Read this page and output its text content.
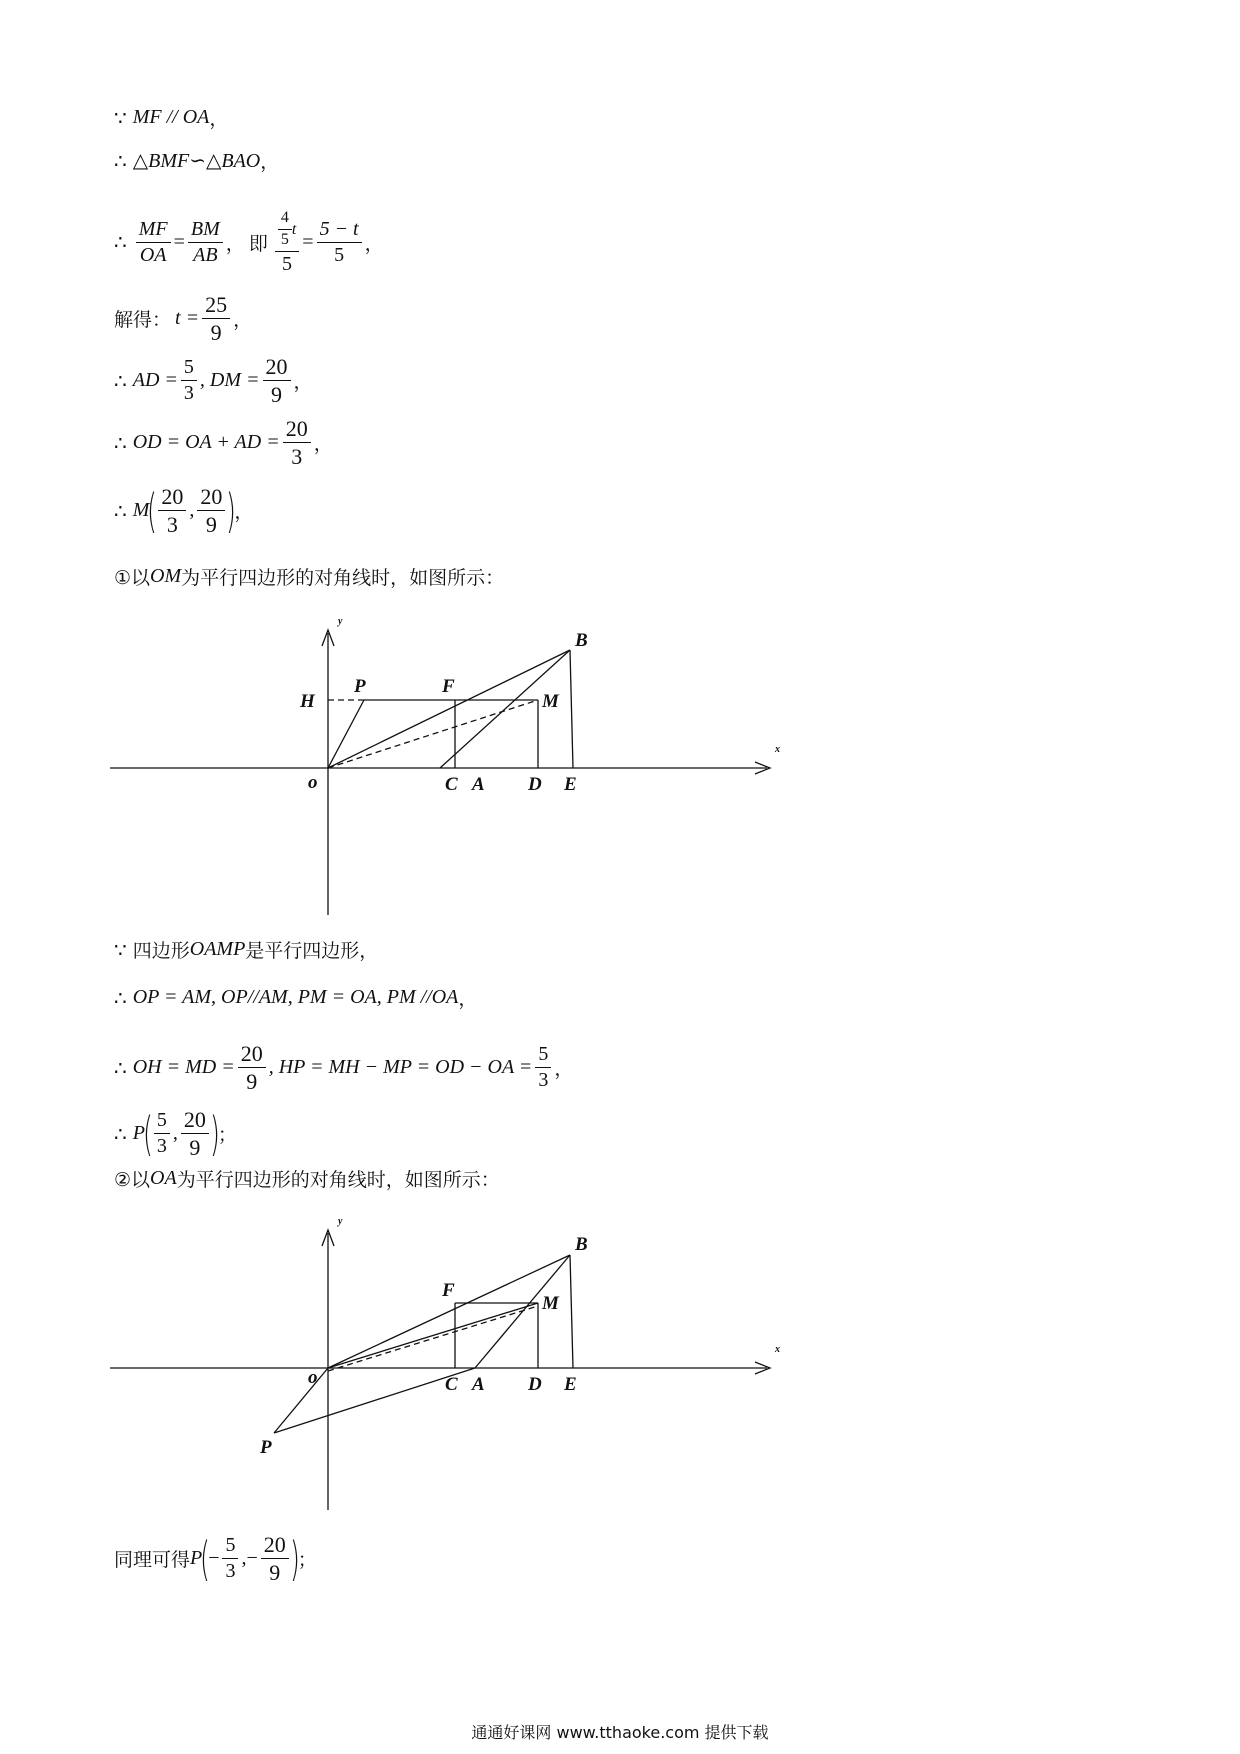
∵ MF // OA ，
∴ △BMF∽△BAO ，
∴ $\frac{MF}{OA} = \frac{BM}{AB}$ ， 即 $\frac{\frac{4}{5} t}{5} = \frac{5 - t}{5}$ ，
解得： $t = \frac{25}{9}$ ，
∴ AD = $\frac{5}{3}$ , DM = $\frac{20}{9}$ ，
∴ OD = OA + AD = $\frac{20}{3}$ ，
∴ M
( $\frac{20}{3}$ , $\frac{20}{9}$ )
，
①以 OM 为平行四边形的对角线时，如图所示：
y
x
o
B
P	F
H	M
C A D E
∵ 四边形 OAMP 是平行四边形，
∴ OP = AM, OP//AM, PM = OA, PM //OA ，
∴ OH = MD = $\frac{20}{9}$ , HP = MH − MP = OD − OA = $\frac{5}{3}$ ，
∴ P
( $\frac{5}{3}$ , $\frac{20}{9}$ )
；
②以 OA 为平行四边形的对角线时，如图所示：
y
x
o
B
F
M
C A D E
P
同理可得 P
(
− $\frac{5}{3}$ ,− $\frac{20}{9}$ )
；
通通好课网 www.tthaoke.com 提供下载
